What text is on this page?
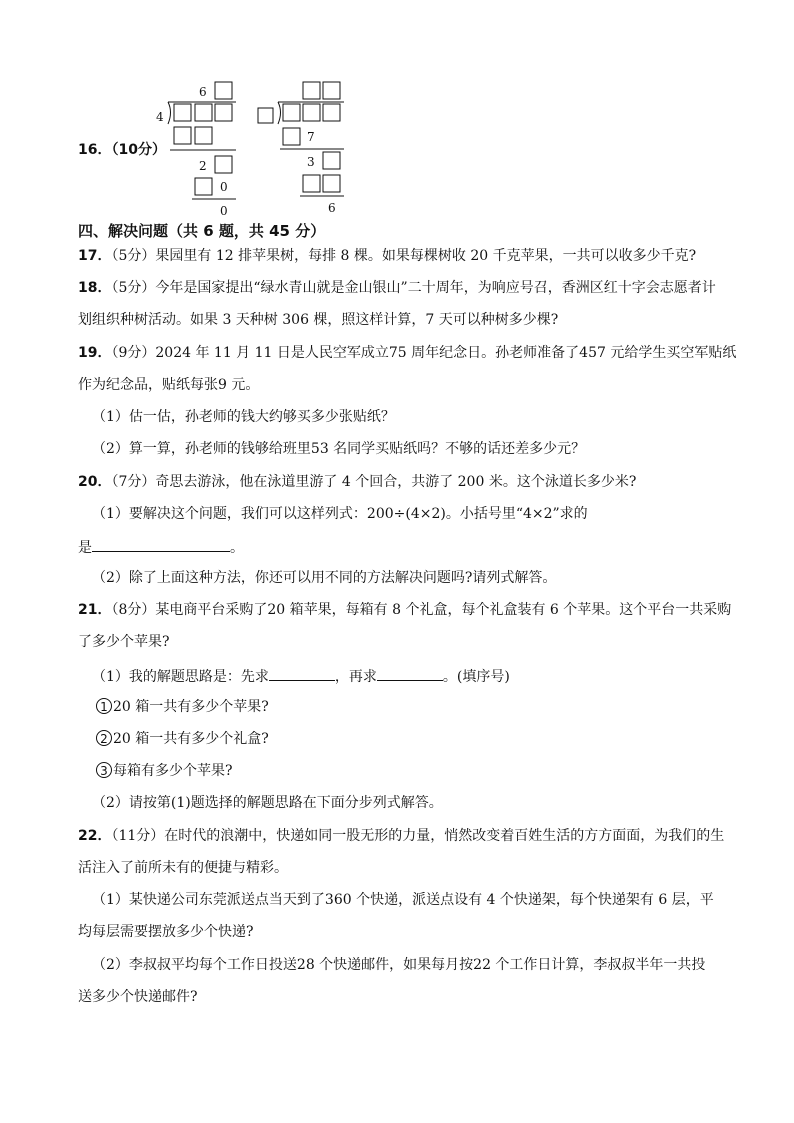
16．（10分）
6
4
2
0
0
7
3
6
四、解决问题（共 6 题，共 45 分）
17．（5分）果园里有 12 排苹果树，每排 8 棵。如果每棵树收 20 千克苹果，一共可以收多少千克?
18．（5分）今年是国家提出“绿水青山就是金山银山”二十周年，为响应号召，香洲区红十字会志愿者计
划组织种树活动。如果 3 天种树 306 棵，照这样计算，7 天可以种树多少棵?
19．（9分）2024 年 11 月 11 日是人民空军成立75 周年纪念日。孙老师准备了457 元给学生买空军贴纸
作为纪念品，贴纸每张9 元。
（1）估一估，孙老师的钱大约够买多少张贴纸？
（2）算一算，孙老师的钱够给班里53 名同学买贴纸吗？不够的话还差多少元？
20．（7分）奇思去游泳，他在泳道里游了 4 个回合，共游了 200 米。这个泳道长多少米?
（1）要解决这个问题，我们可以这样列式：200÷(4×2)。小括号里“4×2”求的
是	。
（2）除了上面这种方法，你还可以用不同的方法解决问题吗?请列式解答。
21．（8分）某电商平台采购了20 箱苹果，每箱有 8 个礼盒，每个礼盒装有 6 个苹果。这个平台一共采购
了多少个苹果?
（1）我的解题思路是：先求	，再求	。(填序号)
1 20 箱一共有多少个苹果?
2 20 箱一共有多少个礼盒?
3 每箱有多少个苹果?
（2）请按第(1)题选择的解题思路在下面分步列式解答。
22．（11分）在时代的浪潮中，快递如同一股无形的力量，悄然改变着百姓生活的方方面面，为我们的生
活注入了前所未有的便捷与精彩。
（1）某快递公司东莞派送点当天到了360 个快递，派送点设有 4 个快递架，每个快递架有 6 层，平
均每层需要摆放多少个快递?
（2）李叔叔平均每个工作日投送28 个快递邮件，如果每月按22 个工作日计算，李叔叔半年一共投
送多少个快递邮件?
